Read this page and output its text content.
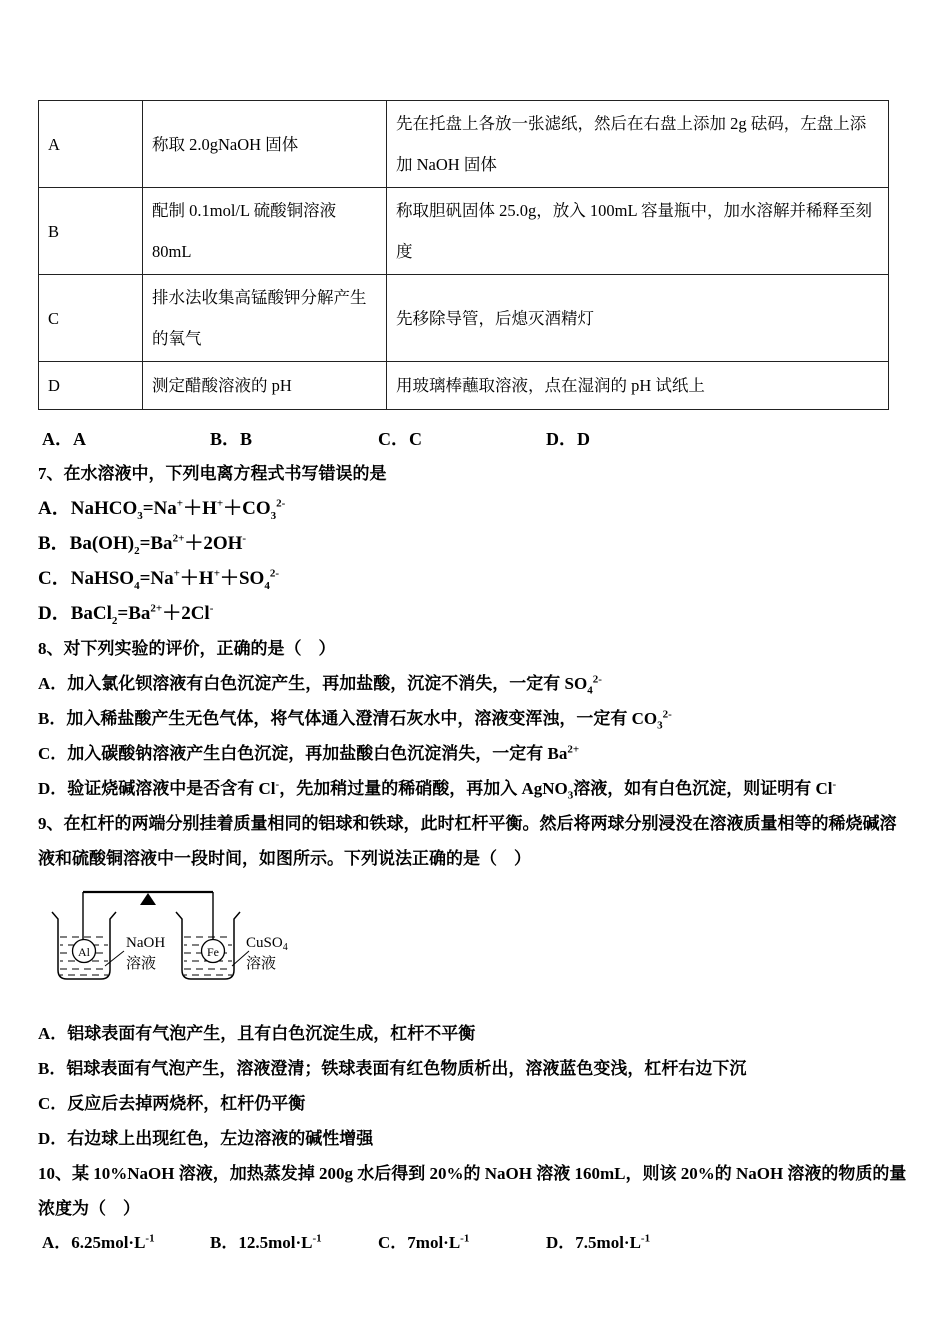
A	称取 2.0gNaOH 固体	先在托盘上各放一张滤纸，然后在右盘上添加 2g 砝码，左盘上添加 NaOH 固体
B	配制 0.1mol/L 硫酸铜溶液 80mL	称取胆矾固体 25.0g，放入 100mL 容量瓶中，加水溶解并稀释至刻度
C	排水法收集高锰酸钾分解产生的氧气	先移除导管，后熄灭酒精灯
D	测定醋酸溶液的 pH	用玻璃棒蘸取溶液，点在湿润的 pH 试纸上
A．A	B．B	C．C	D．D
7、在水溶液中，下列电离方程式书写错误的是
A．$NaHCO_3=Na^++H^++CO_3^{2-}$
B．$Ba(OH)_2=Ba^{2+}+2OH^-$
C．$NaHSO_4=Na^++H^++SO_4^{2-}$
D．$BaCl_2=Ba^{2+}+2Cl^-$
8、对下列实验的评价，正确的是（　）
A．加入氯化钡溶液有白色沉淀产生，再加盐酸，沉淀不消失，一定有 $SO_4^{2-}$
B．加入稀盐酸产生无色气体，将气体通入澄清石灰水中，溶液变浑浊，一定有 $CO_3^{2-}$
C．加入碳酸钠溶液产生白色沉淀，再加盐酸白色沉淀消失，一定有 $Ba^{2+}$
D．验证烧碱溶液中是否含有 Cl-，先加稍过量的稀硝酸，再加入 AgNO$_3$溶液，如有白色沉淀，则证明有 Cl-
9、在杠杆的两端分别挂着质量相同的铝球和铁球，此时杠杆平衡。然后将两球分别浸没在溶液质量相等的稀烧碱溶液和硫酸铜溶液中一段时间，如图所示。下列说法正确的是（　）
Al	Fe
NaOH
溶液
CuSO$_4$
溶液
A．铝球表面有气泡产生，且有白色沉淀生成，杠杆不平衡
B．铝球表面有气泡产生，溶液澄清；铁球表面有红色物质析出，溶液蓝色变浅，杠杆右边下沉
C．反应后去掉两烧杯，杠杆仍平衡
D．右边球上出现红色，左边溶液的碱性增强
10、某 10%NaOH 溶液，加热蒸发掉 200g 水后得到 20%的 NaOH 溶液 160mL，则该 20%的 NaOH 溶液的物质的量浓度为（　）
A．$6.25mol\cdot L^{-1}$	B．$12.5mol\cdot L^{-1}$	C．$7mol\cdot L^{-1}$	D．$7.5mol\cdot L^{-1}$
